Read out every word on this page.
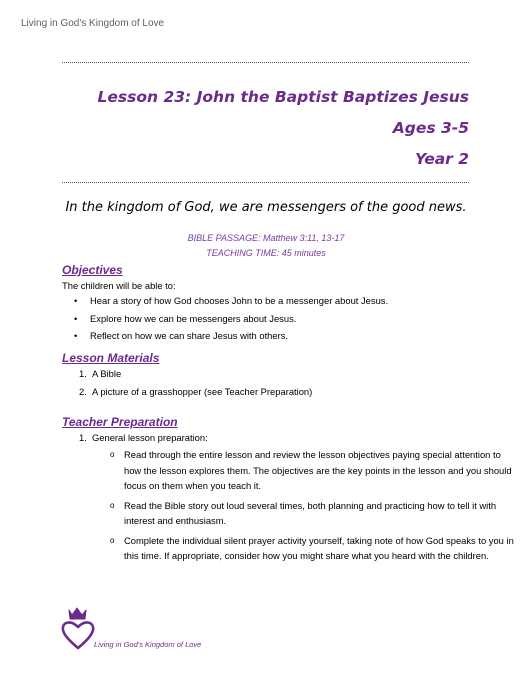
Living in God's Kingdom of Love
Lesson 23: John the Baptist Baptizes Jesus
Ages 3-5
Year 2
In the kingdom of God, we are messengers of the good news.
BIBLE PASSAGE: Matthew 3:11, 13-17
TEACHING TIME: 45 minutes
Objectives
The children will be able to:
• Hear a story of how God chooses John to be a messenger about Jesus.
• Explore how we can be messengers about Jesus.
• Reflect on how we can share Jesus with others.
Lesson Materials
1. A Bible
2. A picture of a grasshopper (see Teacher Preparation)
Teacher Preparation
1. General lesson preparation:
o Read through the entire lesson and review the lesson objectives paying special attention to how the lesson explores them. The objectives are the key points in the lesson and you should focus on them when you teach it.
o Read the Bible story out loud several times, both planning and practicing how to tell it with interest and enthusiasm.
o Complete the individual silent prayer activity yourself, taking note of how God speaks to you in this time. If appropriate, consider how you might share what you heard with the children.
Living in God's Kingdom of Love
